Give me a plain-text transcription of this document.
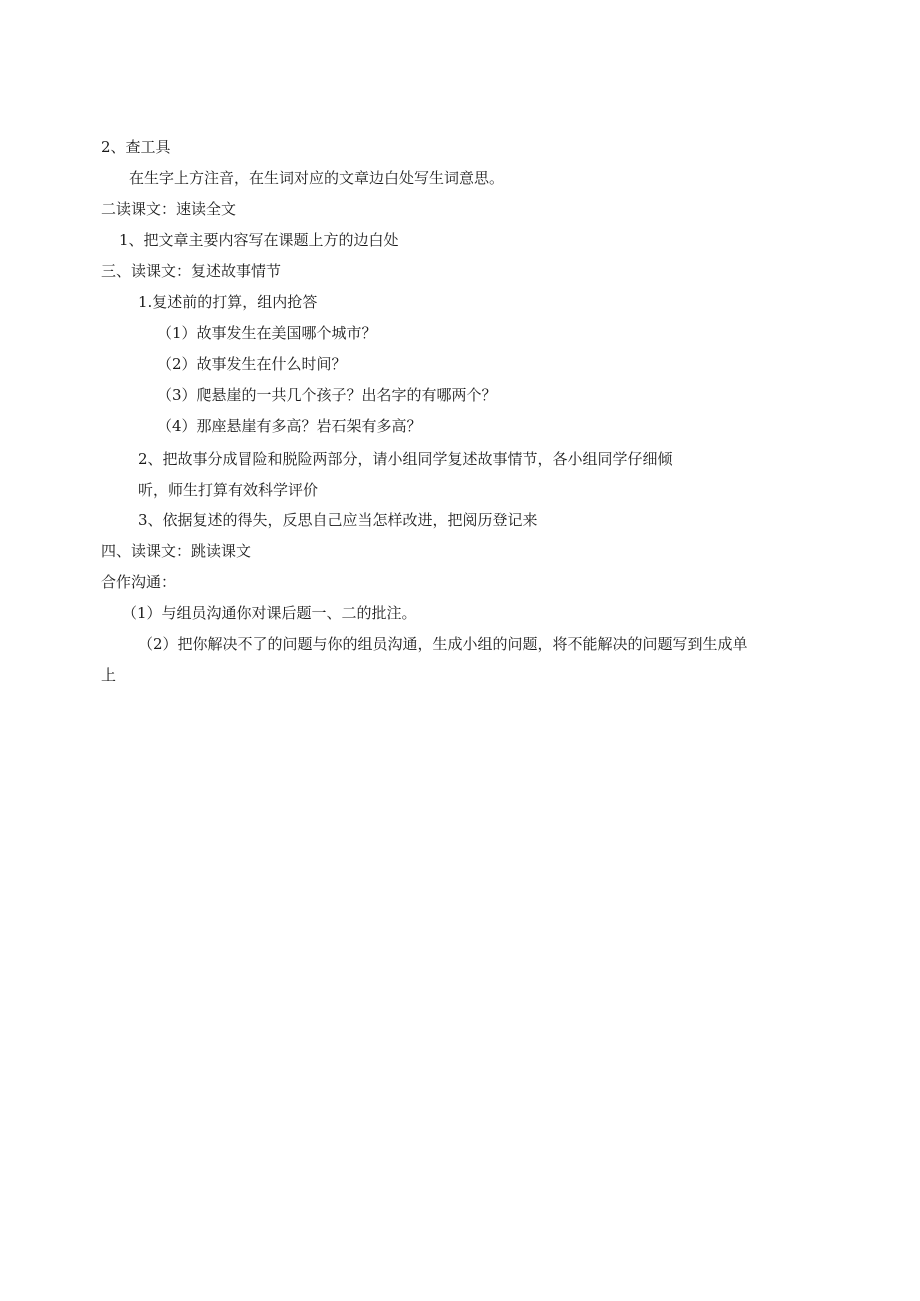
2、查工具
在生字上方注音，在生词对应的文章边白处写生词意思。
二读课文：速读全文
1、把文章主要内容写在课题上方的边白处
三、读课文：复述故事情节
1.复述前的打算，组内抢答
（1）故事发生在美国哪个城市？
（2）故事发生在什么时间？
（3）爬悬崖的一共几个孩子？出名字的有哪两个？
（4）那座悬崖有多高？岩石架有多高？
2、把故事分成冒险和脱险两部分，请小组同学复述故事情节，各小组同学仔细倾
听，师生打算有效科学评价
3、依据复述的得失，反思自己应当怎样改进，把阅历登记来
四、读课文：跳读课文
合作沟通：
（1）与组员沟通你对课后题一、二的批注。
（2）把你解决不了的问题与你的组员沟通，生成小组的问题，将不能解决的问题写到生成单
上
